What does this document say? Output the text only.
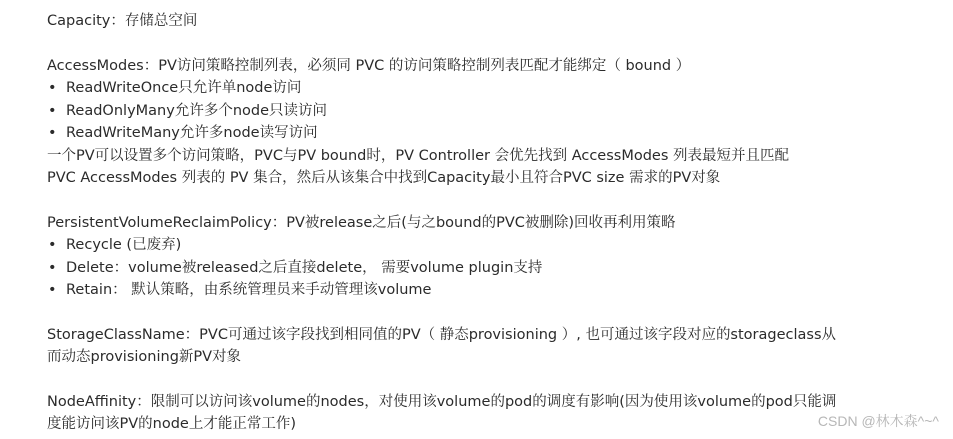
Capacity：存储总空间
AccessModes：PV访问策略控制列表，必须同 PVC 的访问策略控制列表匹配才能绑定（ bound ）
• ReadWriteOnce只允许单node访问
• ReadOnlyMany允许多个node只读访问
• ReadWriteMany允许多node读写访问
一个PV可以设置多个访问策略，PVC与PV bound时，PV Controller 会优先找到 AccessModes 列表最短并且匹配
PVC AccessModes 列表的 PV 集合，然后从该集合中找到Capacity最小且符合PVC size 需求的PV对象
PersistentVolumeReclaimPolicy：PV被release之后(与之bound的PVC被删除)回收再利用策略
• Recycle (已废弃)
• Delete：volume被released之后直接delete， 需要volume plugin支持
• Retain： 默认策略，由系统管理员来手动管理该volume
StorageClassName：PVC可通过该字段找到相同值的PV（ 静态provisioning ）, 也可通过该字段对应的storageclass从
而动态provisioning新PV对象
NodeAffinity：限制可以访问该volume的nodes，对使用该volume的pod的调度有影响(因为使用该volume的pod只能调
度能访问该PV的node上才能正常工作)	CSDN @林木森^~^
